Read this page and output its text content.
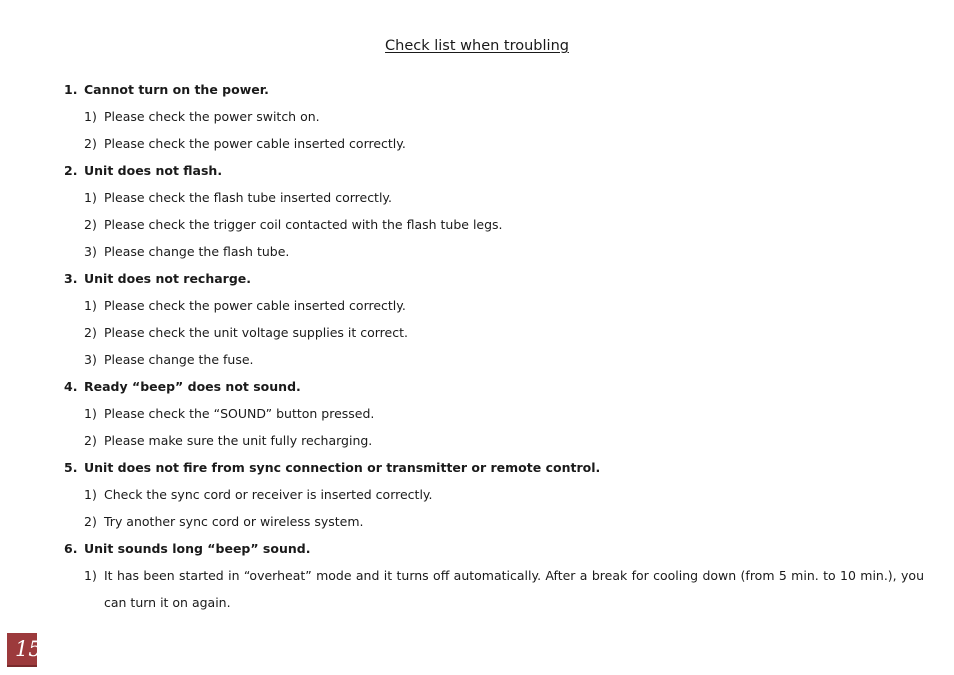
Check list when troubling
1. Cannot turn on the power.
1) Please check the power switch on.
2) Please check the power cable inserted correctly.
2. Unit does not flash.
1) Please check the flash tube inserted correctly.
2) Please check the trigger coil contacted with the flash tube legs.
3) Please change the flash tube.
3. Unit does not recharge.
1) Please check the power cable inserted correctly.
2) Please check the unit voltage supplies it correct.
3) Please change the fuse.
4. Ready “beep” does not sound.
1) Please check the “SOUND” button pressed.
2) Please make sure the unit fully recharging.
5. Unit does not fire from sync connection or transmitter or remote control.
1) Check the sync cord or receiver is inserted correctly.
2) Try another sync cord or wireless system.
6. Unit sounds long “beep” sound.
1) It has been started in “overheat” mode and it turns off automatically. After a break for cooling down (from 5 min. to 10 min.), you can turn it on again.
15
